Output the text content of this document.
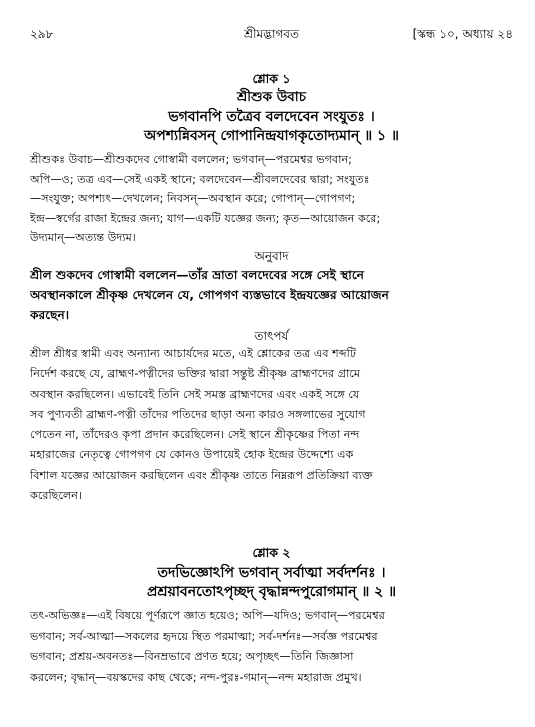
২৯৮	শ্রীমদ্ভাগবত	[স্কন্ধ ১০, অধ্যায় ২৪
শ্লোক ১
শ্রীশুক উবাচ
ভগবানপি তত্রৈব বলদেবেন সংযুতঃ ।
অপশ্যন্নিবসন্ গোপানিন্দ্রযাগকৃতোদ্যমান্ ॥ ১ ॥
শ্রীশুকঃ উবাচ—শ্রীশুকদেব গোস্বামী বললেন; ভগবান্—পরমেশ্বর ভগবান;
অপি—ও; তত্র এব—সেই একই স্থানে; বলদেবেন—শ্রীবলদেবের দ্বারা; সংযুতঃ
—সংযুক্ত; অপশ্যৎ—দেখলেন; নিবসন্—অবস্থান করে; গোপান্—গোপগণ;
ইন্দ্র—স্বর্গের রাজা ইন্দ্রের জন্য; যাগ—একটি যজ্ঞের জন্য; কৃত—আয়োজন করে;
উদ্যমান্—অত্যন্ত উদ্যম।
অনুবাদ
শ্রীল শুকদেব গোস্বামী বললেন—তাঁর ভ্রাতা বলদেবের সঙ্গে সেই স্থানে
অবস্থানকালে শ্রীকৃষ্ণ দেখলেন যে, গোপগণ ব্যস্তভাবে ইন্দ্রযজ্ঞের আয়োজন
করছেন।
তাৎপর্য
শ্রীল শ্রীধর স্বামী এবং অন্যান্য আচার্যদের মতে, এই শ্লোকের তত্র এব শব্দটি
নির্দেশ করছে যে, ব্রাহ্মণ-পত্নীদের ভক্তির দ্বারা সন্তুষ্ট শ্রীকৃষ্ণ ব্রাহ্মণদের গ্রামে
অবস্থান করছিলেন। এভাবেই তিনি সেই সমস্ত ব্রাহ্মণদের এবং একই সঙ্গে যে
সব পুণ্যবতী ব্রাহ্মণ-পত্নী তাঁদের পতিদের ছাড়া অন্য কারও সঙ্গলাভের সুযোগ
পেতেন না, তাঁদেরও কৃপা প্রদান করেছিলেন। সেই স্থানে শ্রীকৃষ্ণের পিতা নন্দ
মহারাজের নেতৃত্বে গোপগণ যে কোনও উপায়েই হোক ইন্দ্রের উদ্দেশ্যে এক
বিশাল যজ্ঞের আয়োজন করছিলেন এবং শ্রীকৃষ্ণ তাতে নিম্নরূপ প্রতিক্রিয়া ব্যক্ত
করেছিলেন।
শ্লোক ২
তদভিজ্ঞোঽপি ভগবান্ সর্বাত্মা সর্বদর্শনঃ ।
প্রশ্রয়াবনতোঽপৃচ্ছদ্ বৃদ্ধান্নন্দপুরোগমান্ ॥ ২ ॥
তৎ-অভিজ্ঞঃ—এই বিষয়ে পূর্ণরূপে জ্ঞাত হয়েও; অপি—যদিও; ভগবান্—পরমেশ্বর
ভগবান; সর্ব-আত্মা—সকলের হৃদয়ে স্থিত পরমাত্মা; সর্ব-দর্শনঃ—সর্বজ্ঞ পরমেশ্বর
ভগবান; প্রশ্রয়-অবনতঃ—বিনম্রভাবে প্রণত হয়ে; অপৃচ্ছৎ—তিনি জিজ্ঞাসা
করলেন; বৃদ্ধান্—বয়স্কদের কাছ থেকে; নন্দ-পুরঃ-গমান্—নন্দ মহারাজ প্রমুখ।
